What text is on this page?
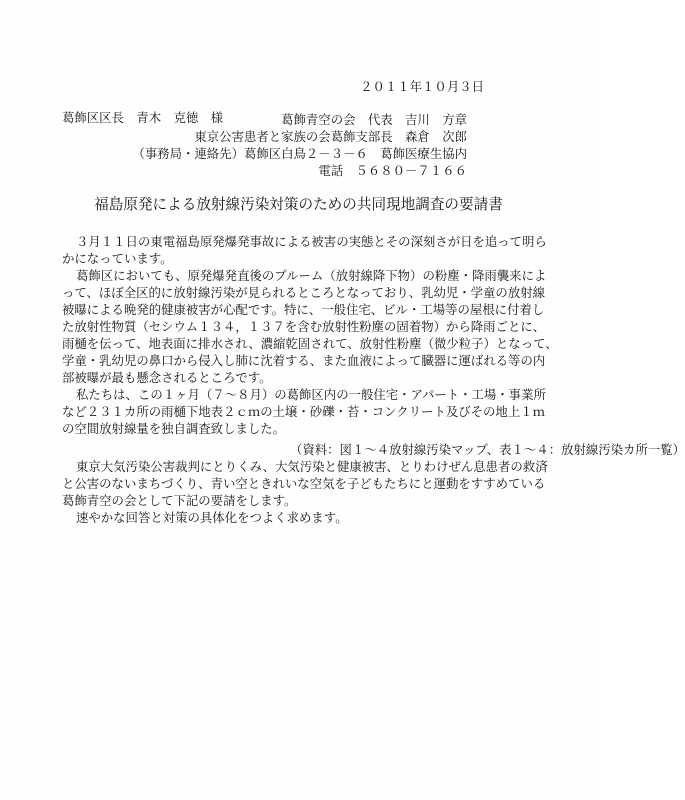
２０１１年１０月３日
葛飾区区長　青木　克徳　様	葛飾青空の会　代表　吉川　方章
東京公害患者と家族の会葛飾支部長　森倉　次郎
（事務局・連絡先）葛飾区白鳥２－３－６　葛飾医療生協内
電話　５６８０－７１６６
福島原発による放射線汚染対策のための共同現地調査の要請書
３月１１日の東電福島原発爆発事故による被害の実態とその深刻さが日を追って明ら
かになっています。
葛飾区においても、原発爆発直後のプルーム（放射線降下物）の粉塵・降雨襲来によ
って、ほぼ全区的に放射線汚染が見られるところとなっており、乳幼児・学童の放射線
被曝による晩発的健康被害が心配です。特に、一般住宅、ビル・工場等の屋根に付着し
た放射性物質（セシウム１３４，１３７を含む放射性粉塵の固着物）から降雨ごとに、
雨樋を伝って、地表面に排水され、濃縮乾固されて、放射性粉塵（微少粒子）となって、
学童・乳幼児の鼻口から侵入し肺に沈着する、また血液によって臓器に運ばれる等の内
部被曝が最も懸念されるところです。
私たちは、この１ヶ月（７～８月）の葛飾区内の一般住宅・アパート・工場・事業所
など２３１カ所の雨樋下地表２ｃｍの土壌・砂礫・苔・コンクリート及びその地上１ｍ
の空間放射線量を独自調査致しました。
（資料：図１～４放射線汚染マップ、表１～４：放射線汚染カ所一覧）
東京大気汚染公害裁判にとりくみ、大気汚染と健康被害、とりわけぜん息患者の救済
と公害のないまちづくり、青い空ときれいな空気を子どもたちにと運動をすすめている
葛飾青空の会として下記の要請をします。
速やかな回答と対策の具体化をつよく求めます。
